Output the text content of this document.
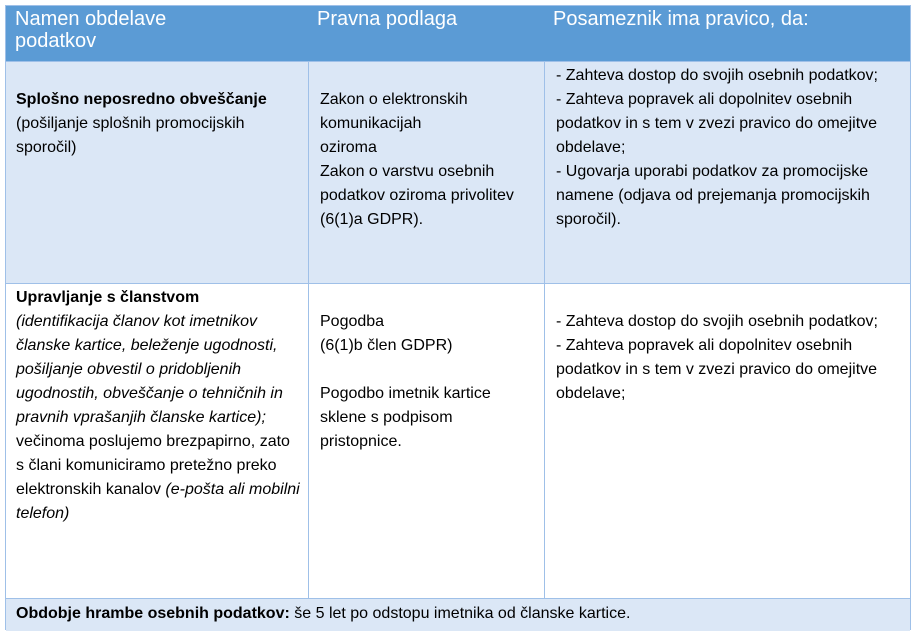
Namen obdelave podatkov
Pravna podlaga	Posameznik ima pravico, da:
Splošno neposredno obveščanje
(pošiljanje splošnih promocijskih sporočil)
Zakon o elektronskih komunikacijah
oziroma
Zakon o varstvu osebnih podatkov oziroma privolitev (6(1)a GDPR).
- Zahteva dostop do svojih osebnih podatkov;
- Zahteva popravek ali dopolnitev osebnih podatkov in s tem v zvezi pravico do omejitve obdelave;
- Ugovarja uporabi podatkov za promocijske namene (odjava od prejemanja promocijskih sporočil).
Upravljanje s članstvom
(identifikacija članov kot imetnikov članske kartice, beleženje ugodnosti, pošiljanje obvestil o pridobljenih ugodnostih, obveščanje o tehničnih in pravnih vprašanjih članske kartice);
večinoma poslujemo brezpapirno, zato s člani komuniciramo pretežno preko elektronskih kanalov (e-pošta ali mobilni telefon)
Pogodba
(6(1)b člen GDPR)
Pogodbo imetnik kartice sklene s podpisom pristopnice.
- Zahteva dostop do svojih osebnih podatkov;
- Zahteva popravek ali dopolnitev osebnih podatkov in s tem v zvezi pravico do omejitve obdelave;
Obdobje hrambe osebnih podatkov: še 5 let po odstopu imetnika od članske kartice.
